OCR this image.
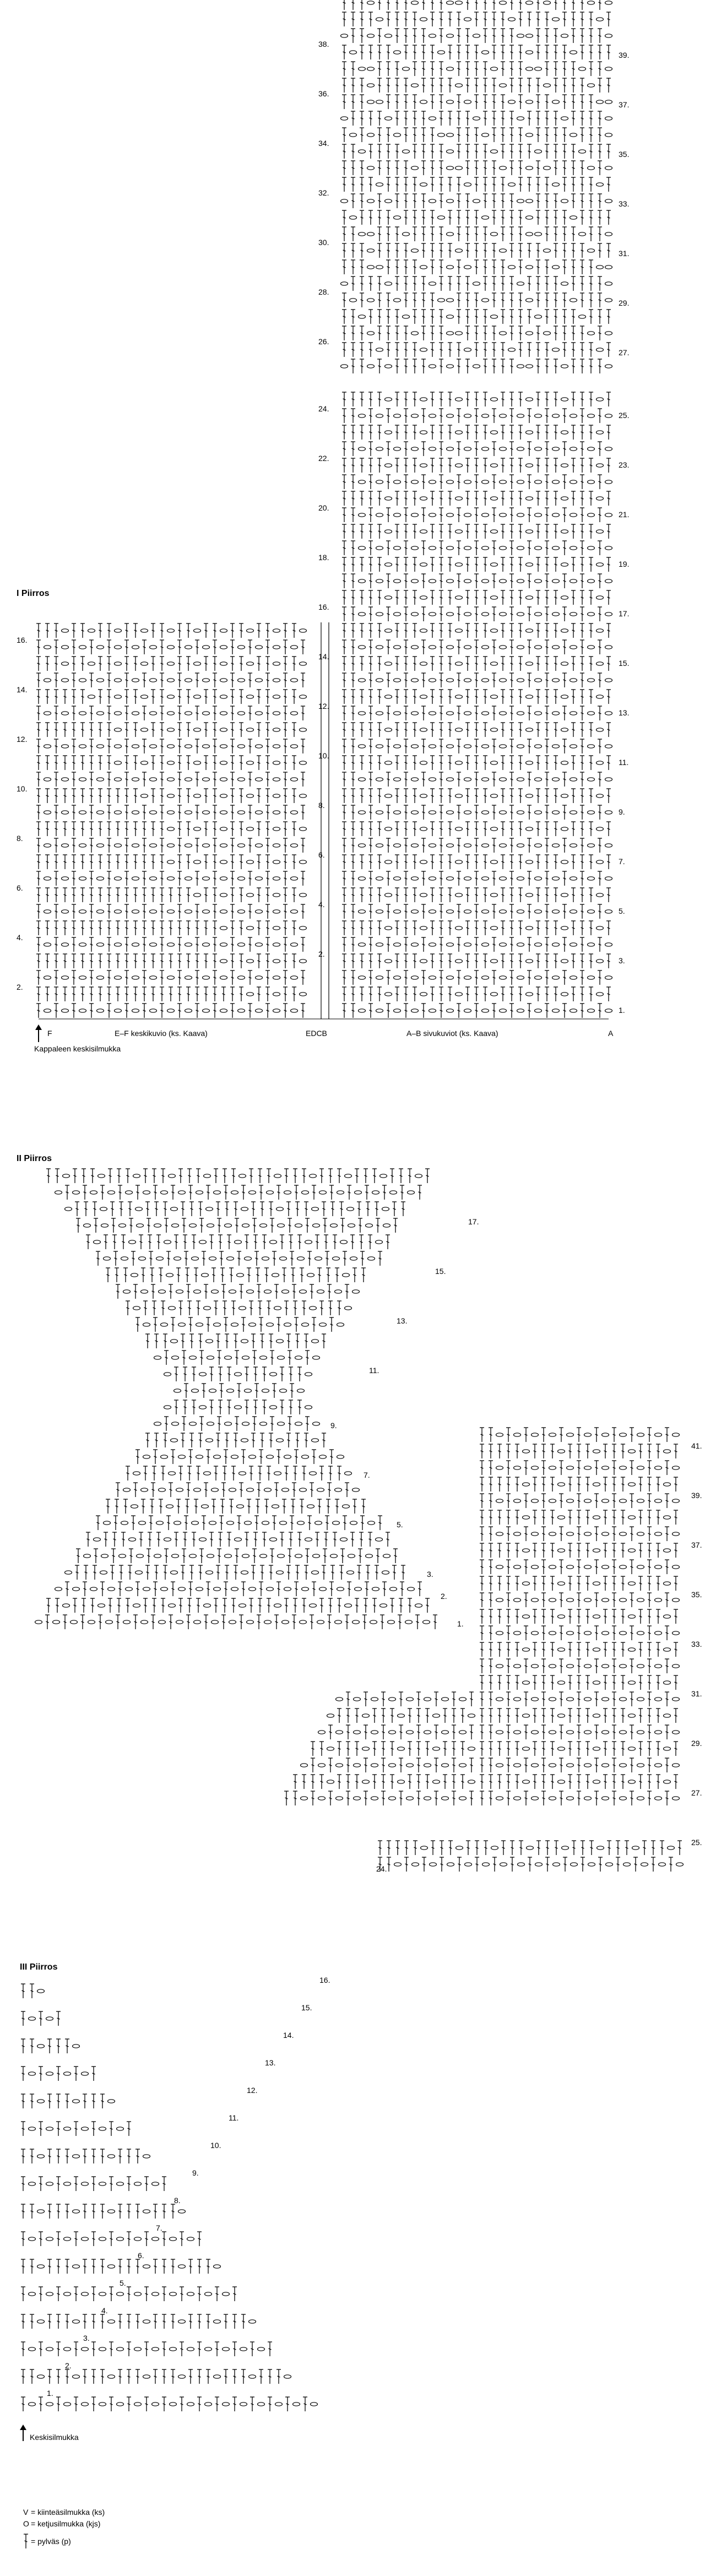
I Piirros
1.
3.
5.
7.
9.
11.
13.
15.
17.
19.
21.
23.
25.
27.
29.
31.
33.
35.
37.
39.
2.
4.
6.
8.
10.
12.
14.
16.
18.
20.
22.
24.
26.
28.
30.
32.
34.
36.
38.
2.
4.
6.
8.
10.
12.
14.
16.
F	E–F keskikuvio (ks. Kaava)	EDCB	A–B sivukuviot (ks. Kaava)	A
Kappaleen keskisilmukka
II Piirros
17.
15.
13.
11.
9.
7.
5.
3.
2.
1.
41.
39.
37.
35.
33.
31.
29.
27.
25.
24.
III Piirros
16.
15.
14.
13.
12.
11.
10.
9.
8.
7.
6.
5.
4.
3.
2.
1.
Keskisilmukka
V = kiinteäsilmukka (ks)
O = ketjusilmukka (kjs)
= pylväs (p)
